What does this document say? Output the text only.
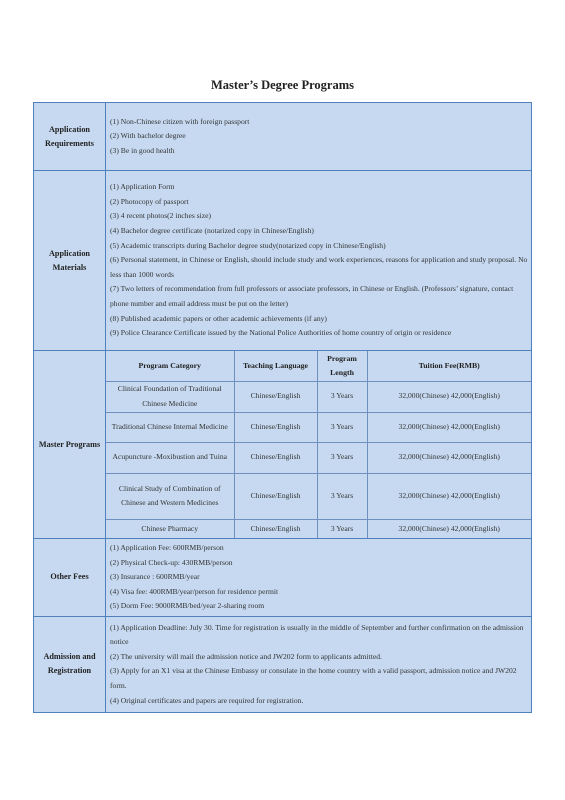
Master’s Degree Programs
Application Requirements	
(1) Non-Chinese citizen with foreign passport
(2) With bachelor degree
(3) Be in good health

Application Materials	
(1) Application Form
(2) Photocopy of passport
(3) 4 recent photos(2 inches size)
(4) Bachelor degree certificate (notarized copy in Chinese/English)
(5) Academic transcripts during Bachelor degree study(notarized copy in Chinese/English)
(6) Personal statement, in Chinese or English, should include study and work experiences, reasons for application and study proposal. No less than 1000 words
(7) Two letters of recommendation from full professors or associate professors, in Chinese or English. (Professors’ signature, contact phone number and email address must be put on the letter)
(8) Published academic papers or other academic achievements (if any)
(9) Police Clearance Certificate issued by the National Police Authorities of home country of origin or residence

Master Programs	
Program Category	Teaching Language	Program Length	Tuition Fee(RMB)
Clinical Foundation of Traditional Chinese Medicine	Chinese/English	3 Years	32,000(Chinese) 42,000(English)
Traditional Chinese Internal Medicine	Chinese/English	3 Years	32,000(Chinese) 42,000(English)
Acupuncture -Moxibustion and Tuina	Chinese/English	3 Years	32,000(Chinese) 42,000(English)
Clinical Study of Combination of Chinese and Western Medicines	Chinese/English	3 Years	32,000(Chinese) 42,000(English)
Chinese Pharmacy	Chinese/English	3 Years	32,000(Chinese) 42,000(English)

Other Fees	
(1) Application Fee: 600RMB/person
(2) Physical Check-up: 430RMB/person
(3) Insurance : 600RMB/year
(4) Visa fee: 400RMB/year/person for residence permit
(5) Dorm Fee: 9000RMB/bed/year 2-sharing room

Admission and Registration	
(1) Application Deadline: July 30. Time for registration is usually in the middle of September and further confirmation on the admission notice
(2) The university will mail the admission notice and JW202 form to applicants admitted.
(3) Apply for an X1 visa at the Chinese Embassy or consulate in the home country with a valid passport, admission notice and JW202 form.
(4) Original certificates and papers are required for registration.
